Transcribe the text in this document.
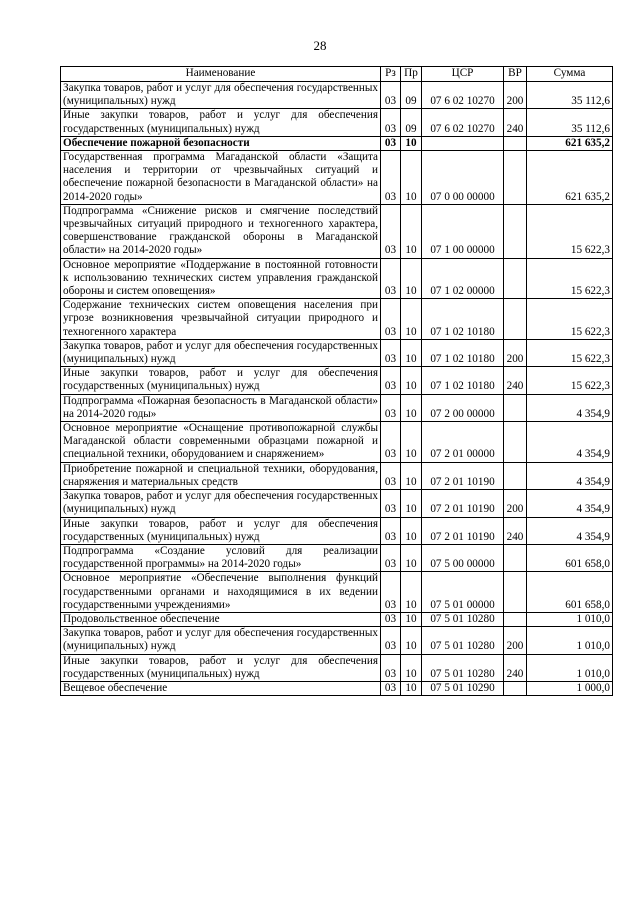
28
Наименование	Рз	Пр	ЦСР	ВР	Сумма
Закупка товаров, работ и услуг для обеспечения государственных (муниципальных) нужд	03	09	07 6 02 10270	200	35 112,6
Иные закупки товаров, работ и услуг для обеспечения государственных (муниципальных) нужд	03	09	07 6 02 10270	240	35 112,6
Обеспечение пожарной безопасности	03	10			621 635,2
Государственная программа Магаданской области «Защита населения и территории от чрезвычайных ситуаций и обеспечение пожарной безопасности в Магаданской области» на 2014-2020 годы»	03	10	07 0 00 00000		621 635,2
Подпрограмма «Снижение рисков и смягчение последствий чрезвычайных ситуаций природного и техногенного характера, совершенствование гражданской обороны в Магаданской области» на 2014-2020 годы»	03	10	07 1 00 00000		15 622,3
Основное мероприятие «Поддержание в постоянной готовности к использованию технических систем управления гражданской обороны и систем оповещения»	03	10	07 1 02 00000		15 622,3
Содержание технических систем оповещения населения при угрозе возникновения чрезвычайной ситуации природного и техногенного характера	03	10	07 1 02 10180		15 622,3
Закупка товаров, работ и услуг для обеспечения государственных (муниципальных) нужд	03	10	07 1 02 10180	200	15 622,3
Иные закупки товаров, работ и услуг для обеспечения государственных (муниципальных) нужд	03	10	07 1 02 10180	240	15 622,3
Подпрограмма «Пожарная безопасность в Магаданской области» на 2014-2020 годы»	03	10	07 2 00 00000		4 354,9
Основное мероприятие «Оснащение противопожарной службы Магаданской области современными образцами пожарной и специальной техники, оборудованием и снаряжением»	03	10	07 2 01 00000		4 354,9
Приобретение пожарной и специальной техники, оборудования, снаряжения и материальных средств	03	10	07 2 01 10190		4 354,9
Закупка товаров, работ и услуг для обеспечения государственных (муниципальных) нужд	03	10	07 2 01 10190	200	4 354,9
Иные закупки товаров, работ и услуг для обеспечения государственных (муниципальных) нужд	03	10	07 2 01 10190	240	4 354,9
Подпрограмма «Создание условий для реализации государственной программы» на 2014-2020 годы»	03	10	07 5 00 00000		601 658,0
Основное мероприятие «Обеспечение выполнения функций государственными органами и находящимися в их ведении государственными учреждениями»	03	10	07 5 01 00000		601 658,0
Продовольственное обеспечение	03	10	07 5 01 10280		1 010,0
Закупка товаров, работ и услуг для обеспечения государственных (муниципальных) нужд	03	10	07 5 01 10280	200	1 010,0
Иные закупки товаров, работ и услуг для обеспечения государственных (муниципальных) нужд	03	10	07 5 01 10280	240	1 010,0
Вещевое обеспечение	03	10	07 5 01 10290		1 000,0
